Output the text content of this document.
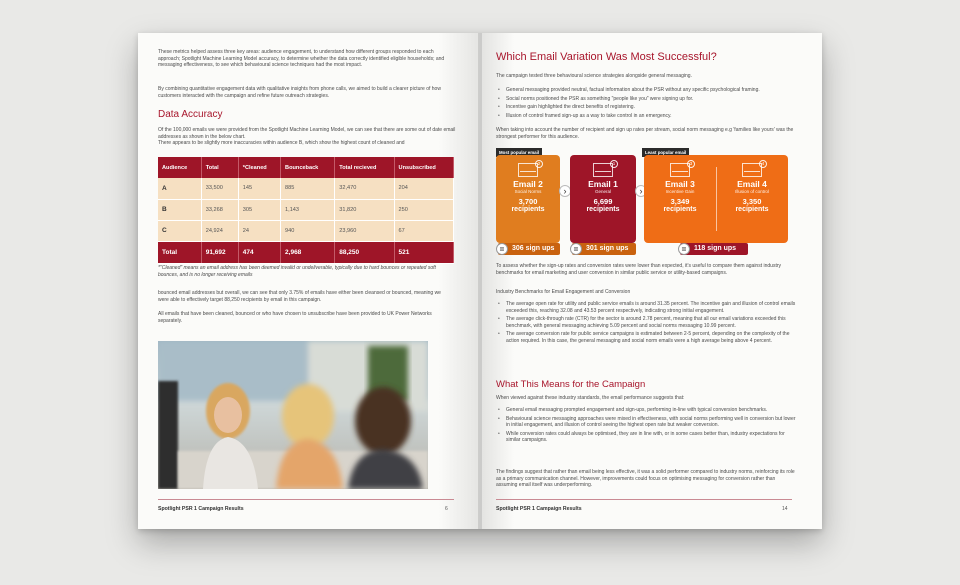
These metrics helped assess three key areas: audience engagement, to understand how different groups responded to each approach; Spotlight Machine Learning Model accuracy, to determine whether the data correctly identified eligible households; and messaging effectiveness, to see which behavioural science techniques had the most impact.

By combining quantitative engagement data with qualitative insights from phone calls, we aimed to build a clearer picture of how customers interacted with the campaign and refine future outreach strategies.

Data Accuracy

Of the 100,000 emails we were provided from the Spotlight Machine Learning Model, we can see that there are some out of date email addresses as shown in the below chart.

There appears to be slightly more inaccuracies within audience B, which show the highest count of cleaned and

Audience	Total	*Cleaned	Bounceback	Total recieved	Unsubscribed
A	33,500	145	885	32,470	204
B	33,268	305	1,143	31,820	250
C	24,924	24	940	23,960	67
Total	91,692	474	2,968	88,250	521

*"Cleaned" means an email address has been deemed invalid or undeliverable, typically due to hard bounces or repeated soft bounces, and is no longer receiving emails

bounced email addresses but overall, we can see that only 3.75% of emails have either been cleansed or bounced, meaning we were able to effectively target 88,250 recipients by email in this campaign.

All emails that have been cleaned, bounced or who have chosen to unsubscribe have been provided to UK Power Networks separately.

Spotlight PSR 1 Campaign Results	6
Which Email Variation Was Most Successful?

The campaign tested three behavioural science strategies alongside general messaging.

• General messaging provided neutral, factual information about the PSR without any specific psychological framing.
• Social norms positioned the PSR as something "people like you" were signing up for.
• Incentive gain highlighted the direct benefits of registering.
• Illusion of control framed sign-up as a way to take control in an emergency.

When taking into account the number of recipient and sign up rates per stream, social norm messaging e.g 'families like yours' was the strongest performer for this audience.

Most popular email	Least popular email
2
Email 2
Social Norms
3,700
recipients
›
1
Email 1
General
6,699
recipients
›
3
Email 3
Incentive Gain
3,349
recipients
4
Email 4
Illusion of control
3,350
recipients
=	306 sign ups	=	301 sign ups	=	118 sign ups

To assess whether the sign-up rates and conversion rates were lower than expected, it's useful to compare them against industry benchmarks for email marketing and user conversion in similar public service or utility-based campaigns.

Industry Benchmarks for Email Engagement and Conversion

• The average open rate for utility and public service emails is around 31.35 percent. The incentive gain and illusion of control emails exceeded this, reaching 32.08 and 43.53 percent respectively, indicating strong initial engagement.
• The average click-through rate (CTR) for the sector is around 2.78 percent, meaning that all our email variations exceeded this benchmark, with general messaging achieving 5.09 percent and social norms messaging 10.99 percent.
• The average conversion rate for public service campaigns is estimated between 2-5 percent, depending on the complexity of the action required. In this case, the general messaging and social norm emails were a high average being above 4 percent.
What This Means for the Campaign

When viewed against these industry standards, the email performance suggests that:

• General email messaging prompted engagement and sign-ups, performing in-line with typical conversion benchmarks.
• Behavioural science messaging approaches were mixed in effectiveness, with social norms performing well in conversion but lower in initial engagement, and illusion of control seeing the highest open rate but weaker conversion.
• While conversion rates could always be optimised, they are in line with, or in some cases better than, industry expectations for similar campaigns.

The findings suggest that rather than email being less effective, it was a solid performer compared to industry norms, reinforcing its role as a primary communication channel. However, improvements could focus on optimising messaging for conversion rather than assuming email itself was underperforming.

Spotlight PSR 1 Campaign Results	14
